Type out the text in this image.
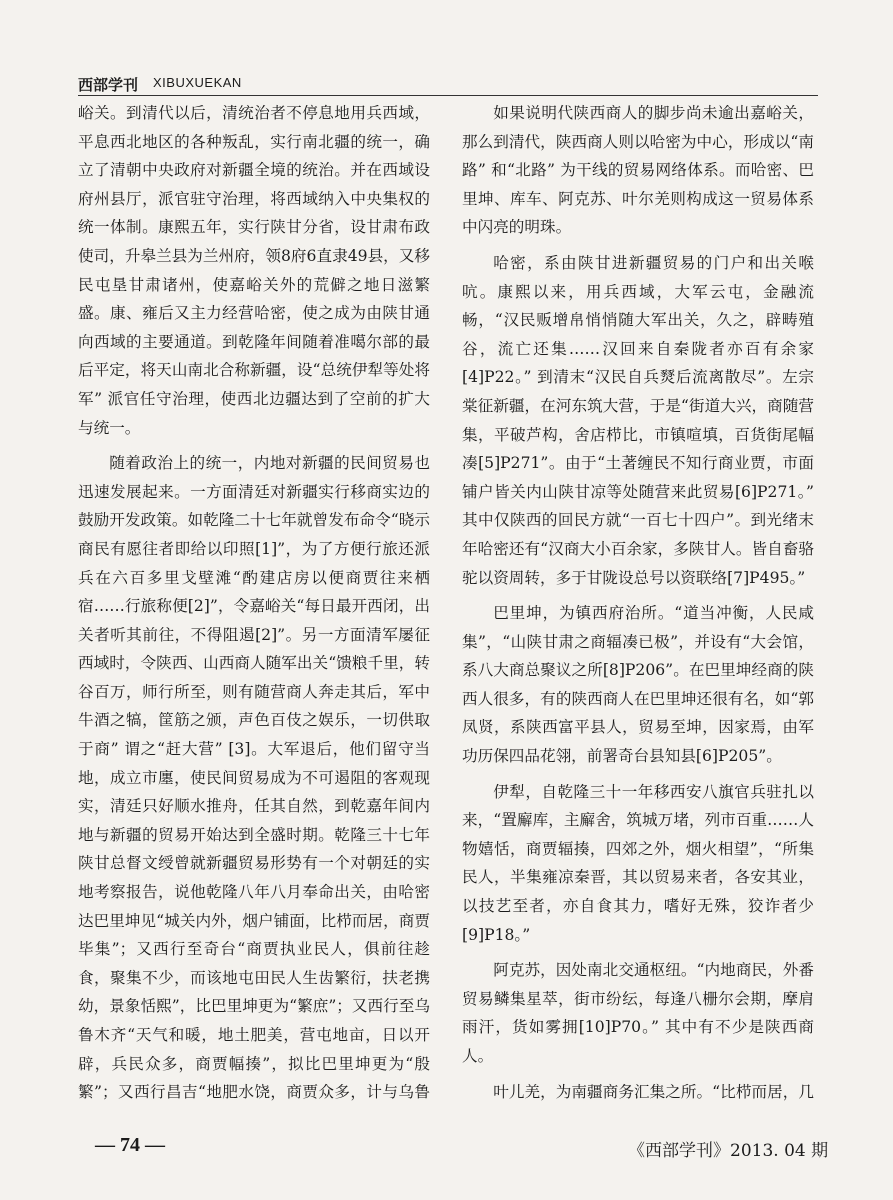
西部学刊 XIBUXUEKAN

峪关。到清代以后，清统治者不停息地用兵西域，平息西北地区的各种叛乱，实行南北疆的统一，确立了清朝中央政府对新疆全境的统治。并在西域设府州县厅，派官驻守治理，将西域纳入中央集权的统一体制。康熙五年，实行陕甘分省，设甘肃布政使司，升皋兰县为兰州府，领8府6直隶49县，又移民屯垦甘肃诸州，使嘉峪关外的荒僻之地日滋繁盛。康、雍后又主力经营哈密，使之成为由陕甘通向西域的主要通道。到乾隆年间随着准噶尔部的最后平定，将天山南北合称新疆，设“总统伊犁等处将军” 派官任守治理，使西北边疆达到了空前的扩大与统一。

随着政治上的统一，内地对新疆的民间贸易也迅速发展起来。一方面清廷对新疆实行移商实边的鼓励开发政策。如乾隆二十七年就曾发布命令“晓示商民有愿往者即给以印照[1]”，为了方便行旅还派兵在六百多里戈壁滩“酌建店房以便商贾往来栖宿……行旅称便[2]”，令嘉峪关“每日最开西闭，出关者听其前往，不得阻遏[2]”。另一方面清军屡征西域时，令陕西、山西商人随军出关“馈粮千里，转谷百万，师行所至，则有随营商人奔走其后，军中牛酒之犒，筐筋之颁，声色百伎之娱乐，一切供取于商” 谓之“赶大营” [3]。大军退后，他们留守当地，成立市廛，使民间贸易成为不可遏阻的客观现实，清廷只好顺水推舟，任其自然，到乾嘉年间内地与新疆的贸易开始达到全盛时期。乾隆三十七年陕甘总督文绶曾就新疆贸易形势有一个对朝廷的实地考察报告，说他乾隆八年八月奉命出关，由哈密达巴里坤见“城关内外，烟户铺面，比栉而居，商贾毕集”；又西行至奇台“商贾执业民人，俱前往趁食，聚集不少，而该地屯田民人生齿繁衍，扶老携幼，景象恬熙”，比巴里坤更为“繁庶”；又西行至乌鲁木齐“天气和暖，地土肥美，营屯地亩，日以开辟，兵民众多，商贾幅揍”，拟比巴里坤更为“殷繁”；又西行昌吉“地肥水饶，商贾众多，计与乌鲁

如果说明代陕西商人的脚步尚未逾出嘉峪关，那么到清代，陕西商人则以哈密为中心，形成以“南路” 和“北路” 为干线的贸易网络体系。而哈密、巴里坤、库车、阿克苏、叶尔羌则构成这一贸易体系中闪亮的明珠。

哈密，系由陕甘进新疆贸易的门户和出关喉吭。康熙以来，用兵西域，大军云屯，金融流畅，“汉民贩增帛悄悄随大军出关，久之，辟畴殖谷，流亡还集……汉回来自秦陇者亦百有余家[4]P22。” 到清末“汉民自兵燹后流离散尽”。左宗棠征新疆，在河东筑大营，于是“街道大兴，商随营集，平破芦构，舍店栉比，市镇喧填，百货街尾幅凑[5]P271”。由于“土著缠民不知行商业贾，市面铺户皆关内山陕甘凉等处随营来此贸易[6]P271。” 其中仅陕西的回民方就“一百七十四户”。到光绪末年哈密还有“汉商大小百余家，多陕甘人。皆自畜骆驼以资周转，多于甘陇设总号以资联络[7]P495。”

巴里坤，为镇西府治所。“道当冲衡，人民咸集”，“山陕甘肃之商辐凑已极”，并设有“大会馆，系八大商总聚议之所[8]P206”。在巴里坤经商的陕西人很多，有的陕西商人在巴里坤还很有名，如“郭凤贤，系陕西富平县人，贸易至坤，因家焉，由军功历保四品花翎，前署奇台县知县[6]P205”。

伊犁，自乾隆三十一年移西安八旗官兵驻扎以来，“置廨库，主廨舍，筑城万堵，列市百重……人物嬉恬，商贾辐揍，四郊之外，烟火相望”，“所集民人，半集雍凉秦晋，其以贸易来者，各安其业，以技艺至者，亦自食其力，嗜好无殊，狡诈者少[9]P18。”

阿克苏，因处南北交通枢纽。“内地商民，外番贸易鳞集星萃，街市纷纭，每逢八栅尔会期，摩肩雨汗，货如雾拥[10]P70。” 其中有不少是陕西商人。

叶儿羌，为南疆商务汇集之所。“比栉而居，几

— 74 —	《西部学刊》2013. 04 期
